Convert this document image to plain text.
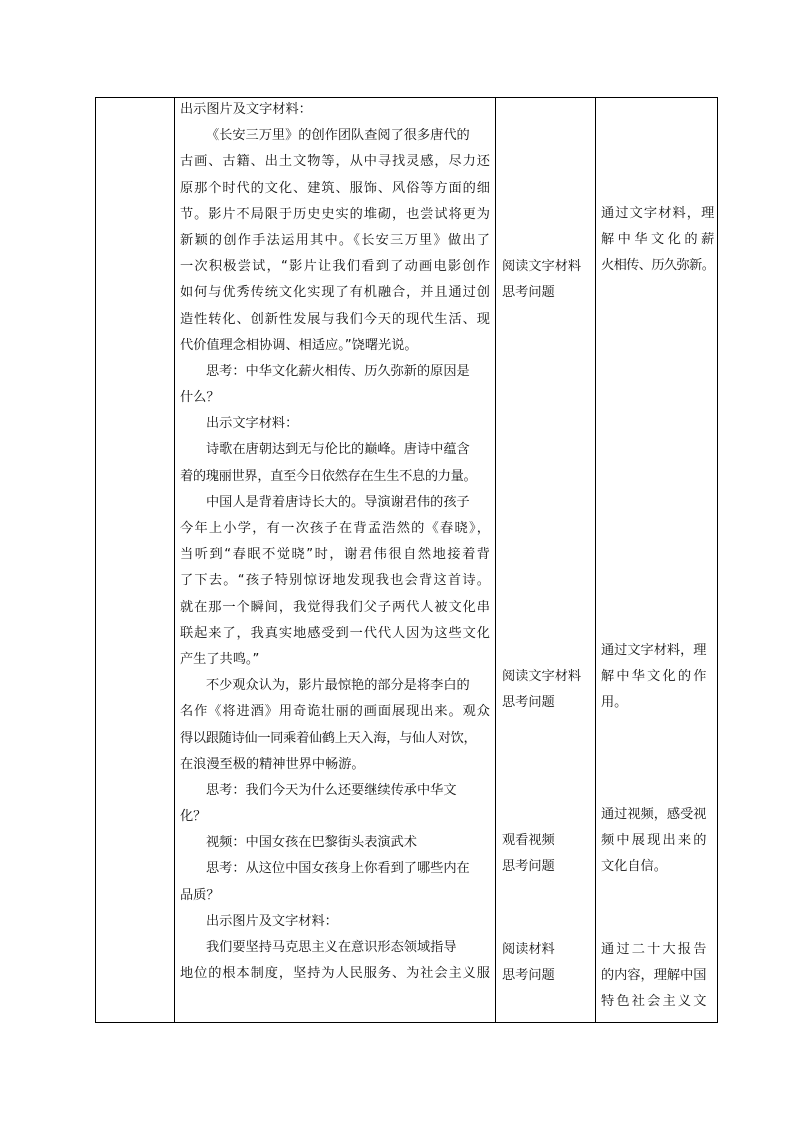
出示图片及文字材料：
《长安三万里》的创作团队查阅了很多唐代的
古画、古籍、出土文物等，从中寻找灵感，尽力还
原那个时代的文化、建筑、服饰、风俗等方面的细
节。影片不局限于历史史实的堆砌，也尝试将更为
新颖的创作手法运用其中。《长安三万里》做出了
一次积极尝试，“影片让我们看到了动画电影创作
如何与优秀传统文化实现了有机融合，并且通过创
造性转化、创新性发展与我们今天的现代生活、现
代价值理念相协调、相适应。”饶曙光说。
思考：中华文化薪火相传、历久弥新的原因是
什么？
出示文字材料：
诗歌在唐朝达到无与伦比的巅峰。唐诗中蕴含
着的瑰丽世界，直至今日依然存在生生不息的力量。
中国人是背着唐诗长大的。导演谢君伟的孩子
今年上小学，有一次孩子在背孟浩然的《春晓》，
当听到“春眠不觉晓”时，谢君伟很自然地接着背
了下去。“孩子特别惊讶地发现我也会背这首诗。
就在那一个瞬间，我觉得我们父子两代人被文化串
联起来了，我真实地感受到一代代人因为这些文化
产生了共鸣。”
不少观众认为，影片最惊艳的部分是将李白的
名作《将进酒》用奇诡壮丽的画面展现出来。观众
得以跟随诗仙一同乘着仙鹤上天入海，与仙人对饮，
在浪漫至极的精神世界中畅游。
思考：我们今天为什么还要继续传承中华文
化？
视频：中国女孩在巴黎街头表演武术
思考：从这位中国女孩身上你看到了哪些内在
品质？
出示图片及文字材料：
我们要坚持马克思主义在意识形态领域指导
地位的根本制度，坚持为人民服务、为社会主义服
阅读文字材料
思考问题
阅读文字材料
思考问题
观看视频
思考问题
阅读材料
思考问题
通过文字材料，理
解中华文化的薪
火相传、历久弥新。
通过文字材料，理
解中华文化的作
用。
通过视频，感受视
频中展现出来的
文化自信。
通过二十大报告
的内容，理解中国
特色社会主义文
